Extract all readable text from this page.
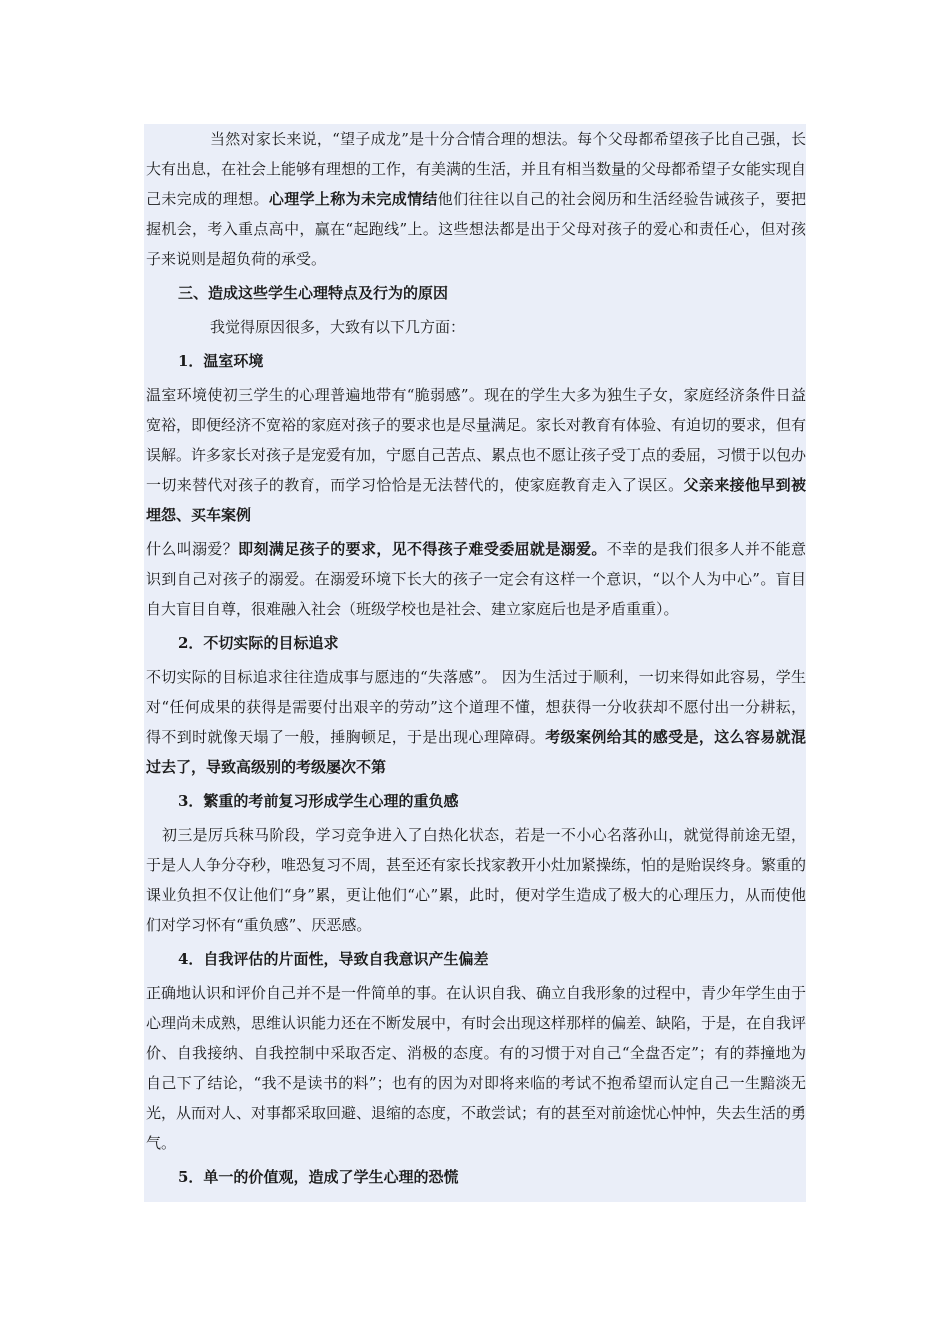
当然对家长来说，“望子成龙”是十分合情合理的想法。每个父母都希望孩子比自己强，长大有出息，在社会上能够有理想的工作，有美满的生活，并且有相当数量的父母都希望子女能实现自己未完成的理想。心理学上称为未完成情结他们往往以自己的社会阅历和生活经验告诫孩子，要把握机会，考入重点高中，赢在“起跑线”上。这些想法都是出于父母对孩子的爱心和责任心，但对孩子来说则是超负荷的承受。

三、造成这些学生心理特点及行为的原因

我觉得原因很多，大致有以下几方面：

1．温室环境

温室环境使初三学生的心理普遍地带有“脆弱感”。现在的学生大多为独生子女，家庭经济条件日益宽裕，即便经济不宽裕的家庭对孩子的要求也是尽量满足。家长对教育有体验、有迫切的要求，但有误解。许多家长对孩子是宠爱有加，宁愿自己苦点、累点也不愿让孩子受丁点的委屈，习惯于以包办一切来替代对孩子的教育，而学习恰恰是无法替代的，使家庭教育走入了误区。父亲来接他早到被埋怨、买车案例

什么叫溺爱？即刻满足孩子的要求，见不得孩子难受委屈就是溺爱。不幸的是我们很多人并不能意识到自己对孩子的溺爱。在溺爱环境下长大的孩子一定会有这样一个意识，“以个人为中心”。盲目自大盲目自尊，很难融入社会（班级学校也是社会、建立家庭后也是矛盾重重）。

2．不切实际的目标追求

不切实际的目标追求往往造成事与愿违的“失落感”。 因为生活过于顺利，一切来得如此容易，学生对“任何成果的获得是需要付出艰辛的劳动”这个道理不懂，想获得一分收获却不愿付出一分耕耘，得不到时就像天塌了一般，捶胸顿足，于是出现心理障碍。考级案例给其的感受是，这么容易就混过去了，导致高级别的考级屡次不第

3．繁重的考前复习形成学生心理的重负感

初三是厉兵秣马阶段，学习竞争进入了白热化状态，若是一不小心名落孙山，就觉得前途无望，于是人人争分夺秒，唯恐复习不周，甚至还有家长找家教开小灶加紧操练，怕的是贻误终身。繁重的课业负担不仅让他们“身”累，更让他们“心”累，此时，便对学生造成了极大的心理压力，从而使他们对学习怀有“重负感”、厌恶感。

4．自我评估的片面性，导致自我意识产生偏差

正确地认识和评价自己并不是一件简单的事。在认识自我、确立自我形象的过程中，青少年学生由于心理尚未成熟，思维认识能力还在不断发展中，有时会出现这样那样的偏差、缺陷，于是，在自我评价、自我接纳、自我控制中采取否定、消极的态度。有的习惯于对自己“全盘否定”；有的莽撞地为自己下了结论，“我不是读书的料”；也有的因为对即将来临的考试不抱希望而认定自己一生黯淡无光，从而对人、对事都采取回避、退缩的态度，不敢尝试；有的甚至对前途忧心忡忡，失去生活的勇气。

5．单一的价值观，造成了学生心理的恐慌
